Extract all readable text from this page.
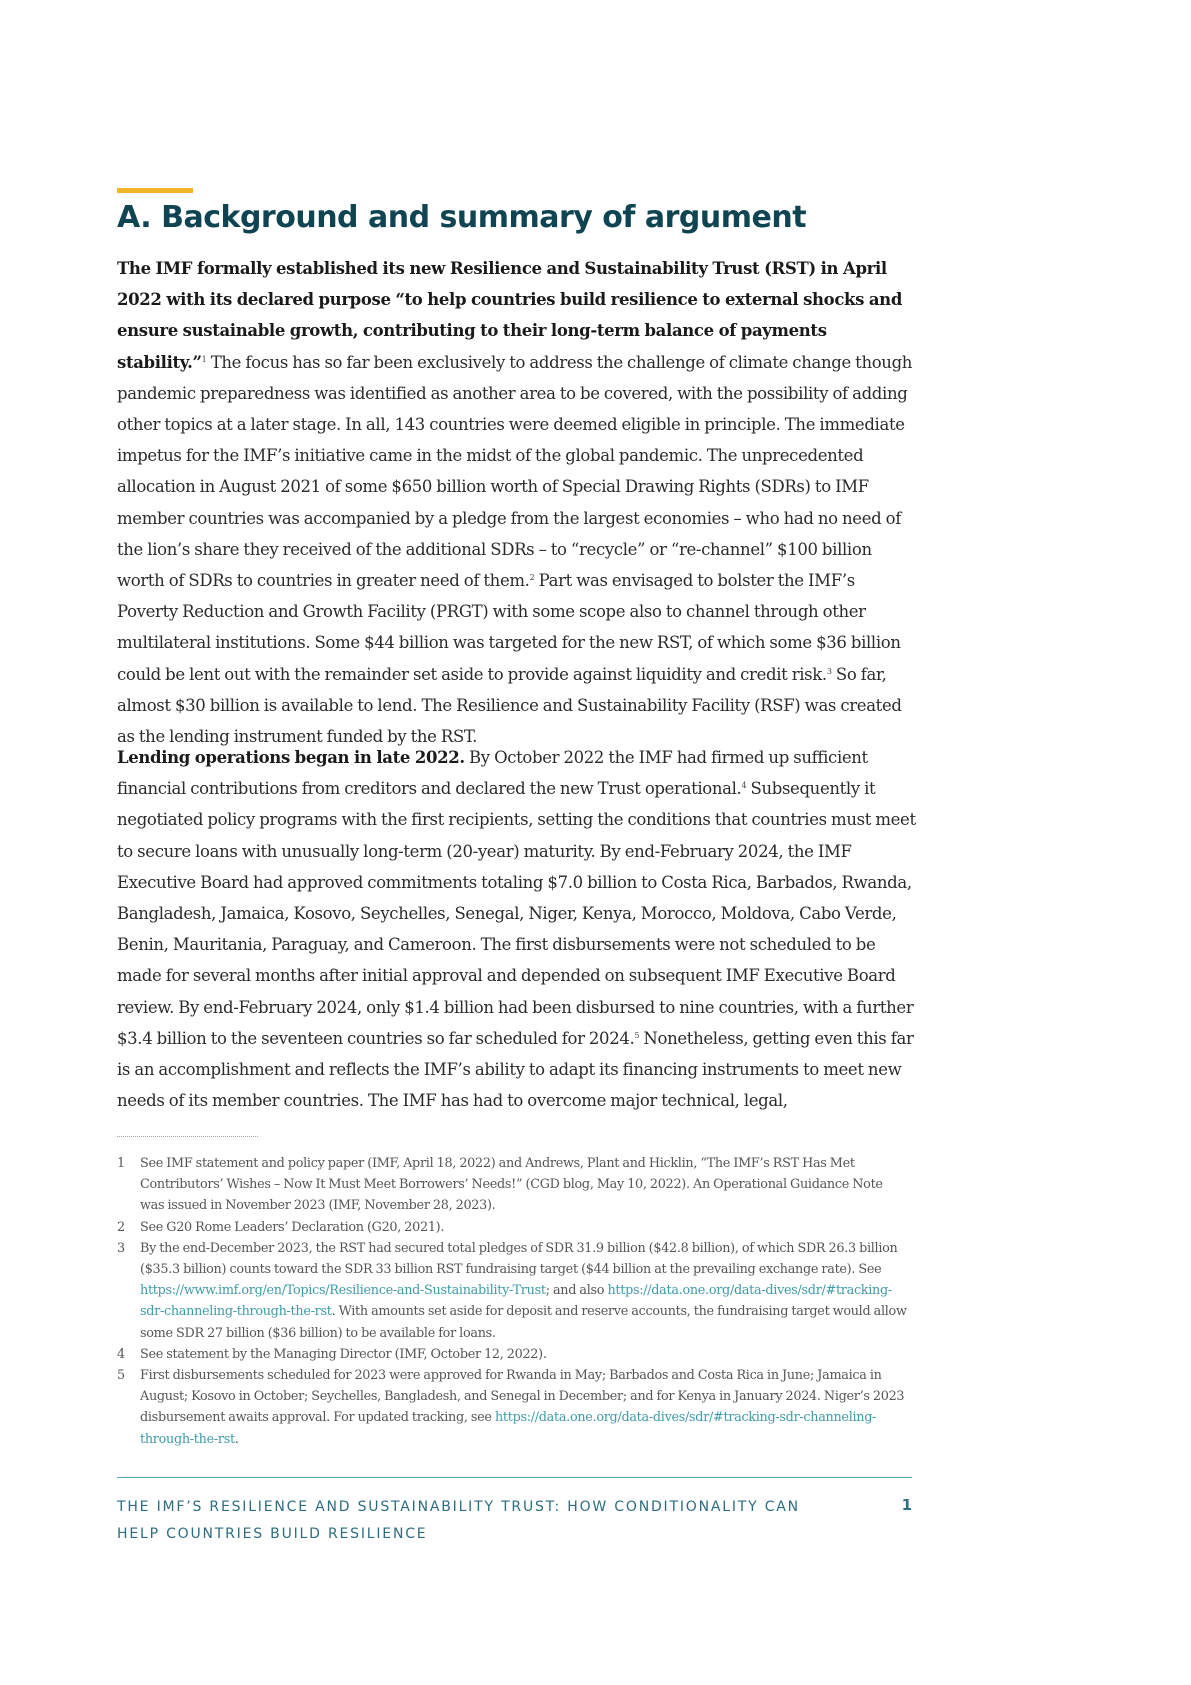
A. Background and summary of argument

The IMF formally established its new Resilience and Sustainability Trust (RST) in April 2022 with its declared purpose “to help countries build resilience to external shocks and ensure sustainable growth, contributing to their long-term balance of payments stability.”$^1$ The focus has so far been exclusively to address the challenge of climate change though pandemic preparedness was identified as another area to be covered, with the possibility of adding other topics at a later stage. In all, 143 countries were deemed eligible in principle. The immediate impetus for the IMF’s initiative came in the midst of the global pandemic. The unprecedented allocation in August 2021 of some $650 billion worth of Special Drawing Rights (SDRs) to IMF member countries was accompanied by a pledge from the largest economies – who had no need of the lion’s share they received of the additional SDRs – to “recycle” or “re-channel” $100 billion worth of SDRs to countries in greater need of them.$^2$ Part was envisaged to bolster the IMF’s Poverty Reduction and Growth Facility (PRGT) with some scope also to channel through other multilateral institutions. Some $44 billion was targeted for the new RST, of which some $36 billion could be lent out with the remainder set aside to provide against liquidity and credit risk.$^3$ So far, almost $30 billion is available to lend. The Resilience and Sustainability Facility (RSF) was created as the lending instrument funded by the RST.

Lending operations began in late 2022. By October 2022 the IMF had firmed up sufficient financial contributions from creditors and declared the new Trust operational.$^4$ Subsequently it negotiated policy programs with the first recipients, setting the conditions that countries must meet to secure loans with unusually long-term (20-year) maturity. By end-February 2024, the IMF Executive Board had approved commitments totaling $7.0 billion to Costa Rica, Barbados, Rwanda, Bangladesh, Jamaica, Kosovo, Seychelles, Senegal, Niger, Kenya, Morocco, Moldova, Cabo Verde, Benin, Mauritania, Paraguay, and Cameroon. The first disbursements were not scheduled to be made for several months after initial approval and depended on subsequent IMF Executive Board review. By end-February 2024, only $1.4 billion had been disbursed to nine countries, with a further $3.4 billion to the seventeen countries so far scheduled for 2024.$^5$ Nonetheless, getting even this far is an accomplishment and reflects the IMF’s ability to adapt its financing instruments to meet new needs of its member countries. The IMF has had to overcome major technical, legal,

1 See IMF statement and policy paper (IMF, April 18, 2022) and Andrews, Plant and Hicklin, “The IMF’s RST Has Met Contributors’ Wishes – Now It Must Meet Borrowers’ Needs!” (CGD blog, May 10, 2022). An Operational Guidance Note was issued in November 2023 (IMF, November 28, 2023).
2 See G20 Rome Leaders’ Declaration (G20, 2021).
3 By the end-December 2023, the RST had secured total pledges of SDR 31.9 billion ($42.8 billion), of which SDR 26.3 billion ($35.3 billion) counts toward the SDR 33 billion RST fundraising target ($44 billion at the prevailing exchange rate). See https://www.imf.org/en/Topics/Resilience-and-Sustainability-Trust; and also https://data.one.org/data-dives/sdr/#tracking-sdr-channeling-through-the-rst. With amounts set aside for deposit and reserve accounts, the fundraising target would allow some SDR 27 billion ($36 billion) to be available for loans.
4 See statement by the Managing Director (IMF, October 12, 2022).
5 First disbursements scheduled for 2023 were approved for Rwanda in May; Barbados and Costa Rica in June; Jamaica in August; Kosovo in October; Seychelles, Bangladesh, and Senegal in December; and for Kenya in January 2024. Niger’s 2023 disbursement awaits approval. For updated tracking, see https://data.one.org/data-dives/sdr/#tracking-sdr-channeling-through-the-rst.

THE IMF’S RESILIENCE AND SUSTAINABILITY TRUST: HOW CONDITIONALITY CAN HELP COUNTRIES BUILD RESILIENCE

1
